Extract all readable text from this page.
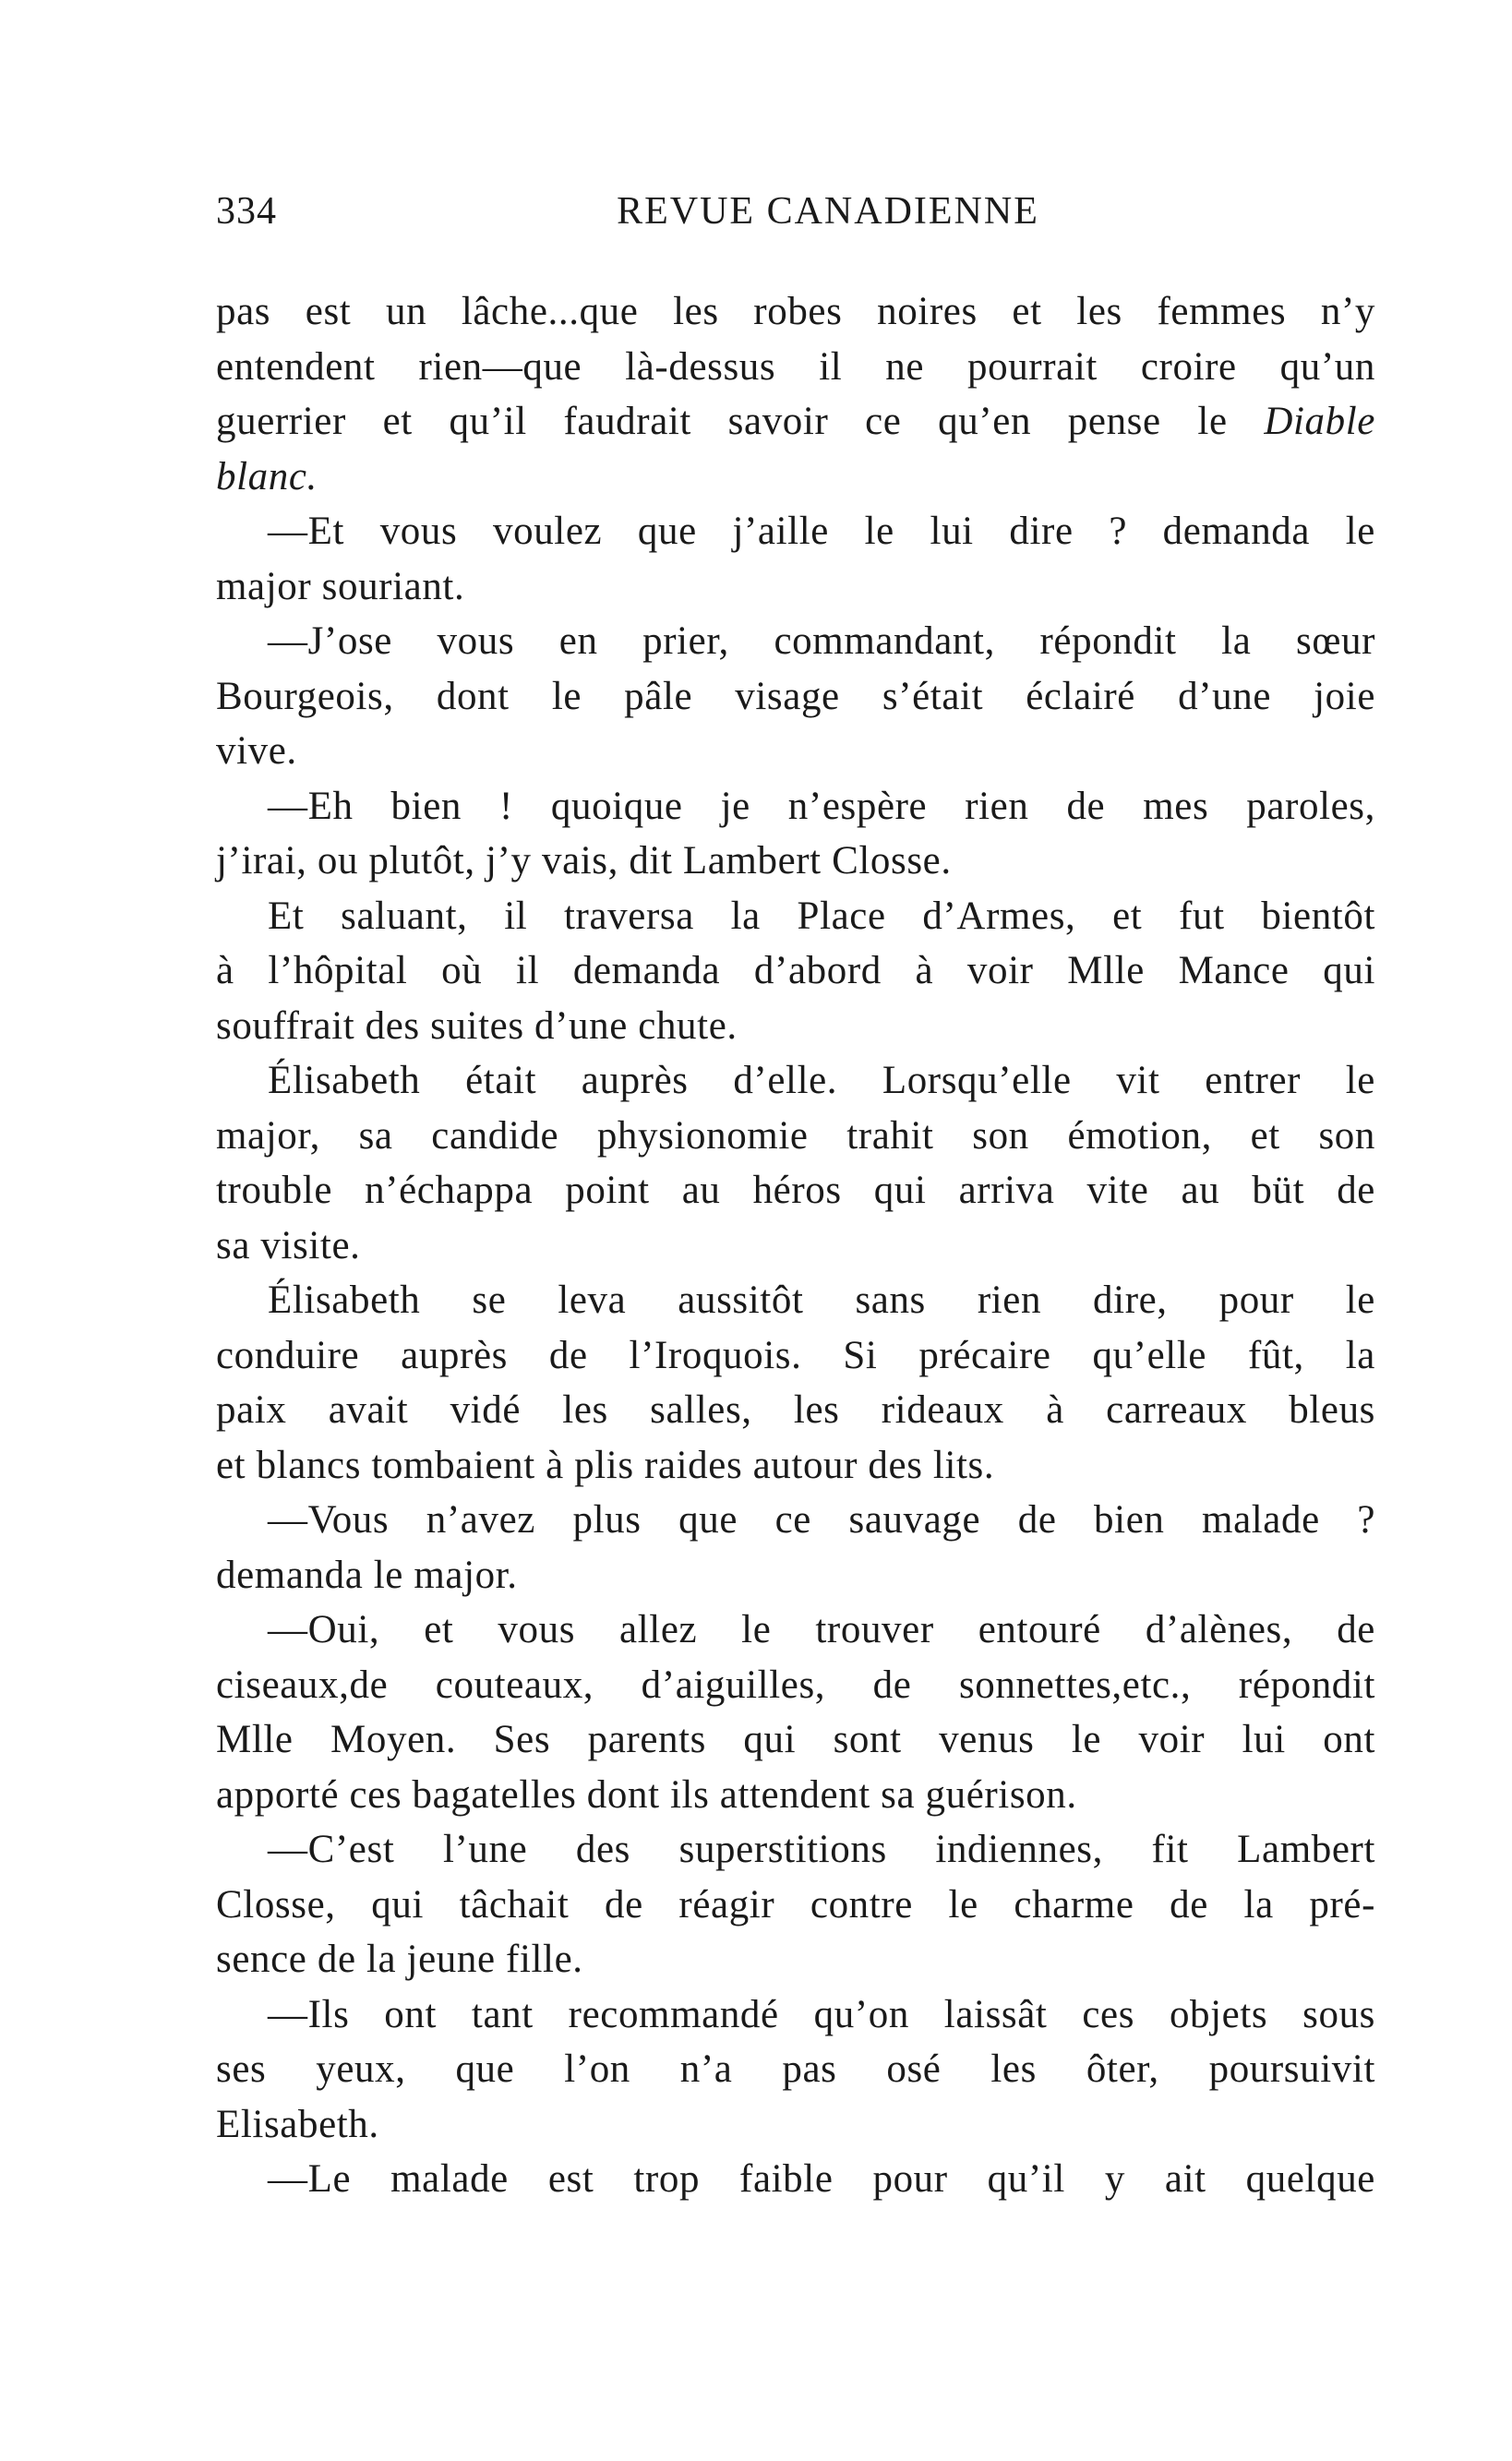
334	REVUE CANADIENNE
pas est un lâche...que les robes noires et les femmes n’y
entendent rien—que là-dessus il ne pourrait croire qu’un
guerrier et qu’il faudrait savoir ce qu’en pense le Diable
blanc.
—Et vous voulez que j’aille le lui dire ? demanda le
major souriant.
—J’ose vous en prier, commandant, répondit la sœur
Bourgeois, dont le pâle visage s’était éclairé d’une joie
vive.
—Eh bien ! quoique je n’espère rien de mes paroles,
j’irai, ou plutôt, j’y vais, dit Lambert Closse.
Et saluant, il traversa la Place d’Armes, et fut bientôt
à l’hôpital où il demanda d’abord à voir Mlle Mance qui
souffrait des suites d’une chute.
Élisabeth était auprès d’elle. Lorsqu’elle vit entrer le
major, sa candide physionomie trahit son émotion, et son
trouble n’échappa point au héros qui arriva vite au büt de
sa visite.
Élisabeth se leva aussitôt sans rien dire, pour le
conduire auprès de l’Iroquois. Si précaire qu’elle fût, la
paix avait vidé les salles, les rideaux à carreaux bleus
et blancs tombaient à plis raides autour des lits.
—Vous n’avez plus que ce sauvage de bien malade ?
demanda le major.
—Oui, et vous allez le trouver entouré d’alènes, de
ciseaux,de couteaux, d’aiguilles, de sonnettes,etc., répondit
Mlle Moyen. Ses parents qui sont venus le voir lui ont
apporté ces bagatelles dont ils attendent sa guérison.
—C’est l’une des superstitions indiennes, fit Lambert
Closse, qui tâchait de réagir contre le charme de la pré-
sence de la jeune fille.
—Ils ont tant recommandé qu’on laissât ces objets sous
ses yeux, que l’on n’a pas osé les ôter, poursuivit
Elisabeth.
—Le malade est trop faible pour qu’il y ait quelque
